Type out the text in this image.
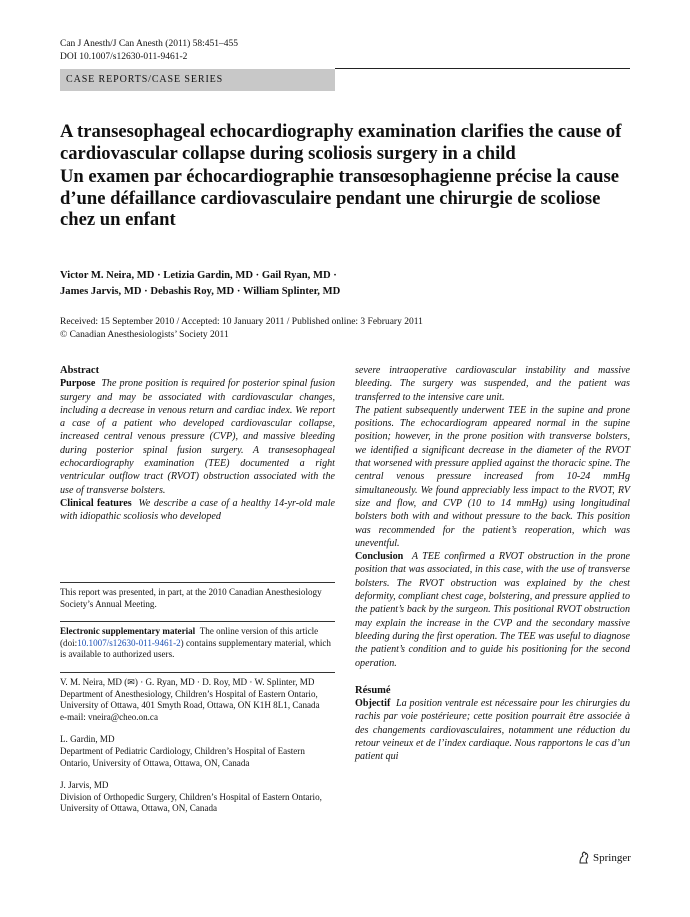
Can J Anesth/J Can Anesth (2011) 58:451–455
DOI 10.1007/s12630-011-9461-2
CASE REPORTS/CASE SERIES

A transesophageal echocardiography examination clarifies the cause of cardiovascular collapse during scoliosis surgery in a child

Un examen par échocardiographie transœsophagienne précise la cause d’une défaillance cardiovasculaire pendant une chirurgie de scoliose chez un enfant

Victor M. Neira, MD · Letizia Gardin, MD · Gail Ryan, MD ·
James Jarvis, MD · Debashis Roy, MD · William Splinter, MD
Received: 15 September 2010 / Accepted: 10 January 2011 / Published online: 3 February 2011
© Canadian Anesthesiologists’ Society 2011
Abstract

Purpose The prone position is required for posterior spinal fusion surgery and may be associated with cardiovascular changes, including a decrease in venous return and cardiac index. We report a case of a patient who developed cardiovascular collapse, increased central venous pressure (CVP), and massive bleeding during posterior spinal fusion surgery. A transesophageal echocardiography examination (TEE) documented a right ventricular outflow tract (RVOT) obstruction associated with the use of transverse bolsters.

Clinical features We describe a case of a healthy 14-yr-old male with idiopathic scoliosis who developed

This report was presented, in part, at the 2010 Canadian Anesthesiology Society’s Annual Meeting.

Electronic supplementary material The online version of this article (doi:10.1007/s12630-011-9461-2) contains supplementary material, which is available to authorized users.

V. M. Neira, MD (✉) · G. Ryan, MD · D. Roy, MD · W. Splinter, MD

Department of Anesthesiology, Children’s Hospital of Eastern Ontario, University of Ottawa, 401 Smyth Road, Ottawa, ON K1H 8L1, Canada

e-mail: vneira@cheo.on.ca

L. Gardin, MD

Department of Pediatric Cardiology, Children’s Hospital of Eastern Ontario, University of Ottawa, Ottawa, ON, Canada

J. Jarvis, MD

Division of Orthopedic Surgery, Children’s Hospital of Eastern Ontario, University of Ottawa, Ottawa, ON, Canada

severe intraoperative cardiovascular instability and massive bleeding. The surgery was suspended, and the patient was transferred to the intensive care unit.

The patient subsequently underwent TEE in the supine and prone positions. The echocardiogram appeared normal in the supine position; however, in the prone position with transverse bolsters, we identified a significant decrease in the diameter of the RVOT that worsened with pressure applied against the thoracic spine. The central venous pressure increased from 10-24 mmHg simultaneously. We found appreciably less impact to the RVOT, RV size and flow, and CVP (10 to 14 mmHg) using longitudinal bolsters both with and without pressure to the back. This position was recommended for the patient’s reoperation, which was uneventful.

Conclusion A TEE confirmed a RVOT obstruction in the prone position that was associated, in this case, with the use of transverse bolsters. The RVOT obstruction was explained by the chest deformity, compliant chest cage, bolstering, and pressure applied to the patient’s back by the surgeon. This positional RVOT obstruction may explain the increase in the CVP and the secondary massive bleeding during the first operation. The TEE was useful to diagnose the patient’s condition and to guide his positioning for the second operation.

Résumé

Objectif La position ventrale est nécessaire pour les chirurgies du rachis par voie postérieure; cette position pourrait être associée à des changements cardiovasculaires, notamment une réduction du retour veineux et de l’index cardiaque. Nous rapportons le cas d’un patient qui

Springer
